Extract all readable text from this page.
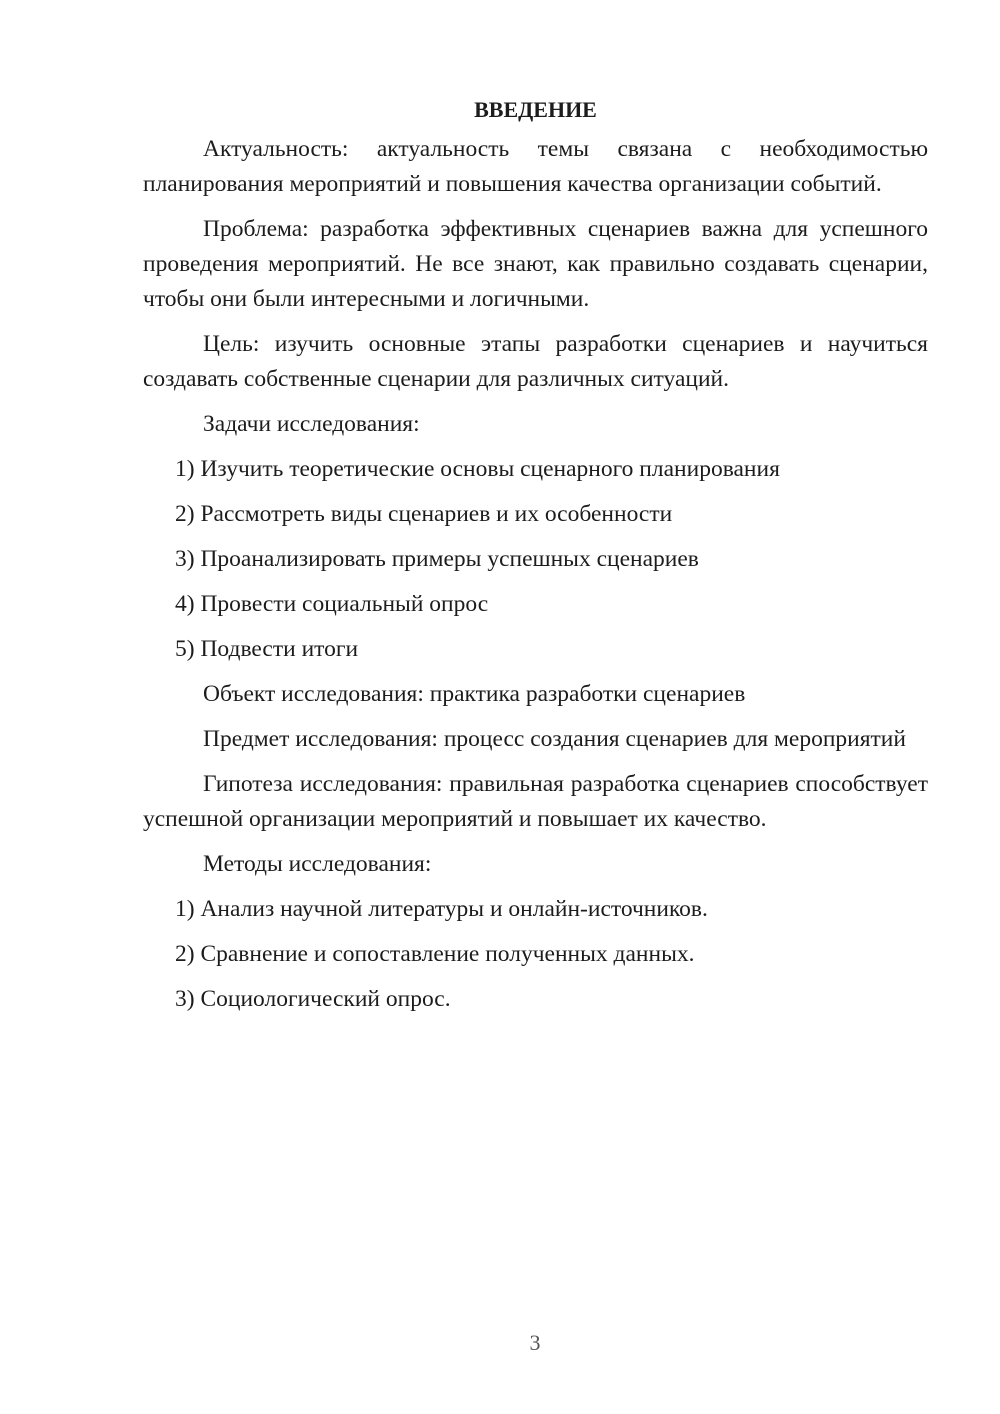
ВВЕДЕНИЕ

Актуальность: актуальность темы связана с необходимостью планирования мероприятий и повышения качества организации событий.

Проблема: разработка эффективных сценариев важна для успешного проведения мероприятий. Не все знают, как правильно создавать сценарии, чтобы они были интересными и логичными.

Цель: изучить основные этапы разработки сценариев и научиться создавать собственные сценарии для различных ситуаций.

Задачи исследования:

1) Изучить теоретические основы сценарного планирования

2) Рассмотреть виды сценариев и их особенности

3) Проанализировать примеры успешных сценариев

4) Провести социальный опрос

5) Подвести итоги

Объект исследования: практика разработки сценариев

Предмет исследования: процесс создания сценариев для мероприятий

Гипотеза исследования: правильная разработка сценариев способствует успешной организации мероприятий и повышает их качество.

Методы исследования:

1) Анализ научной литературы и онлайн-источников.

2) Сравнение и сопоставление полученных данных.

3) Социологический опрос.

3
